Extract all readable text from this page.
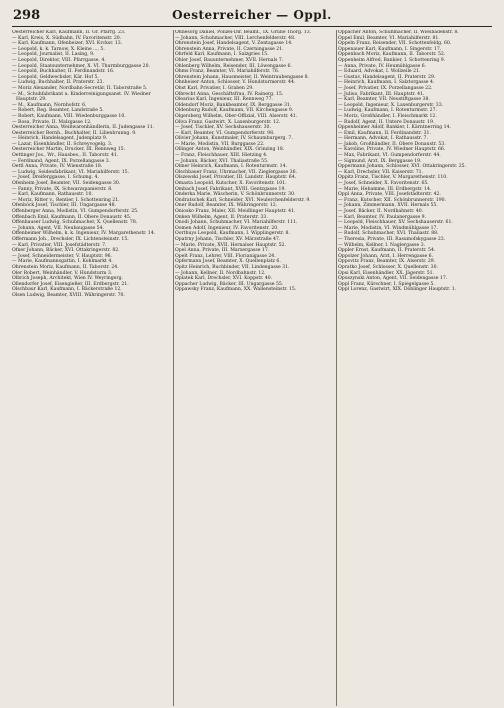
298	Oesterreicher — Oppl.
Oesterreicher Karl, Kaufmann, II. Gr. Pfarrg. 23.
— Karl, Kreis, X. Südbahn, IV. Favoritenstr. 20.
— Karl, Kaufmann, Ofenheizer, XVI. Krcksr. 13.
— Leopold, k. k. Tarnow, X. Kleine ..., 5.
— Leopold, Journalist, II. Lasing, 9.
— Leopold, Direktor, VIII. Pfarrgasse, 4.
— Leopold, Staatsunternehmer, X. VI. Thurmburggasse 20.
— Leopold, Buchhalter, II. Ferdinandstr. 16.
— Leopold, Geldwechsler, Kär. Hof 5.
— Ludwig, Buchhalter, II. Praterstr. 23.
— Moriz Alexander, Nordbahn-Secretär, II. Taborstraße 5.
— M., Schuhfabrikant u. Kinderreinigungsanst. IV. Wiedner Hauptstr. 29.
— M., Kaufmann, Nornhofstr. 6.
— Robert, Reg. Beamter, Landstraße 5.
— Robert, Kaufmann, VIII. Wiedenburggasse 10.
— Rosa, Private, II. Malzgasse 12.
Oesterreicher Anna, Weißwarenhändlerin, II. Judengasse 11.
Oesterreicher Bernh., Buchhalter, II. Lilienbrunng. 9.
— Heinrich, Handelsagent, Judenplatz 9.
— Lazar, Eisenhändler, II. Schreyvogelg. 3.
Oesterreicher Martin, Drucker, III. Rennweg 15.
Oettinger Jos., Wr., Hausbes., II. Taborstr. 41.
— Ferdinand, Agent, IX. Porzellangasse 3.
Oettl Anna, Private, IV. Wienstraße 18.
— Ludwig, Seidenfabrikant, VI. Mariahilferstr. 15.
— Josef, Dreiferggasse, I. Schumg. 4.
Ofenheim Josef, Beamter, VII. Seidengasse 30.
— Fanny, Private, IX. Schwarzspanierstr. 8.
— Karl, Kaufmann, Rathausstr. 10.
— Moriz, Ritter v., Rentier, I. Schottenring 21.
Ofenböck Josef, Tischler, III. Ungargasse 48.
Offenberger Anna, Modistin, VI. Gumpendorferstr. 25.
Offenbach Emil, Kaufmann, II. Obere Donaustr. 45.
Offenhauser Ludwig, Schuhmacher, X. Quellenstr. 78.
— Johann, Agent, VII. Neubaugasse 54.
Offenheimer Wilhelm, k. k. Ingenieur, IV. Margarethenstr. 14.
Offermann Joh., Drechsler, IX. Lichtensteinstr. 15.
— Karl, Privatier, VIII. Josefstädterstr. 7.
Ofner Johann, Bäcker, XVI. Ottakringerstr. 82.
— Josef, Schneidermeister, V. Hauptstr. 96.
— Marie, Kaufmannsgattin, I. Kohlmarkt 4.
Ohrenstein Moriz, Kaufmann, II. Taborstr. 24.
Oler Robert, Weinhändler, V. Hundsturm 3.
Olbrich Joseph, Architekt, Wien IV. Weyringerg.
Ollendorfer Josef, Eisengießer, III. Erdbergstr. 21.
Olschbaur Karl, Kaufmann, I. Bäckerstraße 12.
Olsen Ludwig, Beamter, XVIII. Währingerstr. 70.
Ohnesorg Daniel, Polizei-Dir. Beamt., IX. Grüne Thorg. 13.
— Johann, Schuhmacher, VIII. Lerchenfelderstr. 48.
Ohrenstein Josef, Handelsagent, V. Zentagasse 14.
Ohrenstein Anna, Private, II. Czerningasse 21.
Ohrfeld Karl, Kaufmann, I. Salzgries 15.
Ohler Josef, Bauunternehmer, XVII. Hernals 7.
Ohlenberg Wilhelm, Reisender, III. Löwengasse 6.
Ohms Franz, Beamter, VI. Mariahilferstr. 76.
Ohrenstein Johann, Hausmeister, II. Weintraubengasse 8.
Ohnheiser Anton, Schlosser, V. Hundsturmerstr. 44.
Ohst Karl, Privatier, I. Graben 29.
Olbrecht Anna, Geschäftsfrau, IV. Rainerg. 15.
Olearius Karl, Ingenieur, III. Rennweg 77.
Oldendorf Moriz, Bankbeamter, IX. Berggasse 31.
Oldenburg Rudolf, Kaufmann, VII. Kirchengasse 9.
Olgersberg Wilhelm, Ober-Offizial, VIII. Alserstr. 41.
Oliva Franz, Gastwirt, X. Laxenburgerstr. 12.
— Josef, Tischler, XV. Sechshauserstr. 30.
— Karl, Beamter, VI. Gumpendorferstr. 98.
Olivier Johann, Kunstmaler, IV. Schaumburgerg. 7.
— Marie, Modistin, VII. Burggasse 22.
Ollinger Anton, Weinhändler, XIX. Grinzing 18.
— Franz, Fleischhauer, XIII. Hietzing 4.
— Johann, Bäcker, XVI. Thaliastraße 55.
Olmer Heinrich, Kaufmann, I. Rotenturmstr. 14.
Olschbauer Franz, Uhrmacher, VII. Zieglergasse 36.
Olszewski Josef, Privatier, III. Landstr. Hauptstr. 64.
Omasta Leopold, Kutscher, X. Favoritenstr. 101.
Ombach Josef, Fabrikant, XVIII. Gentzgasse 19.
Onderka Marie, Wäscherin, V. Schönbrunnerstr. 30.
Ondratschek Karl, Schneider, XVI. Neulerchenfelderstr. 9.
Oner Rudolf, Beamter, IX. Währingerstr. 12.
Oniosko Franz, Maler, XII. Meidlinger Hauptstr. 41.
Onken Wilhelm, Agent, II. Praterstr. 33.
Onodi Johann, Schuhmacher, VI. Mariahilferstr. 111.
Oomen Adolf, Ingenieur, IV. Favoritenstr. 20.
Oorthuys Leopold, Kaufmann, I. Wipplingerstr. 8.
Opatrny Johann, Tischler, XV. Märzstraße 47.
— Marie, Private, XVII. Hernalser Hauptstr. 52.
Opel Anna, Private, III. Marxergasse 17.
Opelt Franz, Lehrer, VIII. Florianigasse 24.
Opfermann Josef, Beamter, X. Quellenplatz 6.
Opitz Heinrich, Buchbinder, VII. Lindengasse 31.
— Johann, Kellner, II. Nordbahnstr. 12.
Oplatek Karl, Drechsler, XVI. Koppstr. 40.
Oppacher Ludwig, Bäcker, III. Ungargasse 55.
Oppawsky Franz, Kaufmann, XX. Wallensteinstr. 15.
Oppacher Anton, Schuhmacher, II. Wiesbadenstr. 8.
Oppel Emil, Beamter, VI. Mariahilferstr. 81.
Oppeln Franz, Reisender, VII. Schottenfeldg. 60.
Oppenauer Karl, Kaufmann, I. Singerstr. 17.
Oppenbach Moriz, Kaufmann, II. Taborstr. 52.
Oppenheim Alfred, Bankier, I. Schottenring 9.
— Anna, Private, IV. Heumühlgasse 6.
— Eduard, Advokat, I. Wollzeile 21.
— Gustav, Handelsagent, II. Praterstr. 29.
— Heinrich, Kaufmann, I. Salztorgasse 4.
— Josef, Privatier, IX. Porzellangasse 22.
— Julius, Fabrikant, III. Hauptstr. 41.
— Karl, Beamter, VII. Neustiftgasse 38.
— Leopold, Ingenieur, X. Laxenburgerstr. 33.
— Ludwig, Kaufmann, I. Rotenturmstr. 27.
— Moriz, Großhändler, I. Fleischmarkt 12.
— Rudolf, Agent, II. Untere Donaustr. 19.
Oppenheimer Adolf, Bankier, I. Kärntnerring 14.
— Emil, Kaufmann, II. Ferdinandstr. 31.
— Hermann, Advokat, I. Rathausstr. 7.
— Jakob, Großhändler, II. Obere Donaustr. 53.
— Karoline, Private, IV. Wiedner Hauptstr. 66.
— Max, Fabrikant, VI. Gumpendorferstr. 44.
— Sigmund, Arzt, IX. Berggasse 19.
Oppermann Johann, Schlosser, XVI. Ottakringerstr. 25.
— Karl, Drechsler, VII. Kaiserstr. 71.
Oppitz Franz, Tischler, V. Margarethenstr. 110.
— Josef, Schneider, X. Favoritenstr. 65.
— Marie, Hebamme, III. Erdbergstr. 14.
Oppl Anna, Private, VIII. Josefstädterstr. 42.
— Franz, Kutscher, XII. Schönbrunnerstr. 190.
— Johann, Zimmermann, XVII. Hernals 55.
— Josef, Bäcker, II. Nordbahnstr. 40.
— Karl, Beamter, IV. Paulanergasse 9.
— Leopold, Fleischhauer, XV. Sechshauserstr. 61.
— Marie, Modistin, VI. Windmühlgasse 17.
— Rudolf, Schuhmacher, XVI. Thaliastr. 88.
— Theresia, Private, III. Rasumofskygasse 23.
— Wilhelm, Kellner, I. Naglergasse 3.
Oppler Ernst, Kaufmann, II. Praterstr. 54.
Oppolzer Johann, Arzt, I. Herrengasse 6.
Oppovitz Franz, Beamter, IX. Alserstr. 29.
Opratko Josef, Schlosser, X. Quellenstr. 30.
Opsi Karl, Eisenhändler, XX. Jägerstr. 51.
Opuszynski Anton, Agent, VII. Seidengasse 17.
Oppl Franz, Kürschner, I. Spiegelgasse 5.
Oppl Lorenz, Gastwirt, XIX. Döblinger Hauptstr. 1.
